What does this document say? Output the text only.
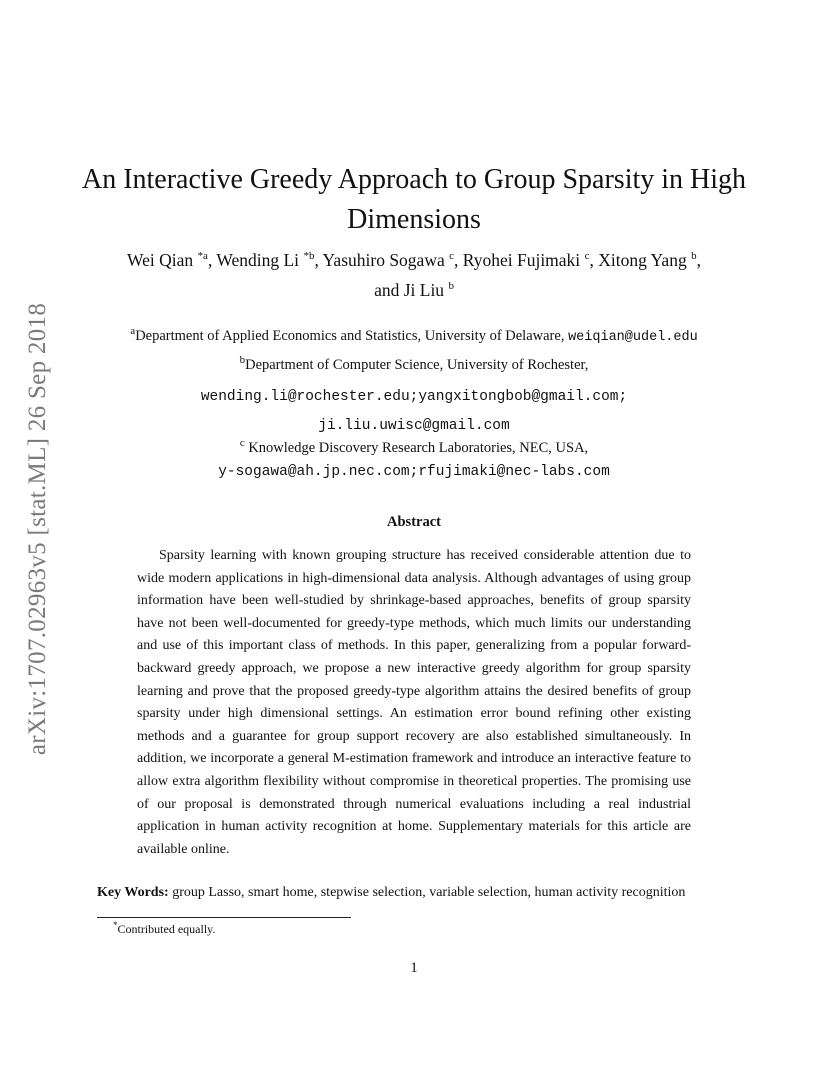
arXiv:1707.02963v5 [stat.ML] 26 Sep 2018
An Interactive Greedy Approach to Group Sparsity in High Dimensions
Wei Qian $^{*a}$, Wending Li $^{*b}$, Yasuhiro Sogawa $^c$, Ryohei Fujimaki $^c$, Xitong Yang $^b$,
and Ji Liu $^b$
$^a$Department of Applied Economics and Statistics, University of Delaware, weiqian@udel.edu
$^b$Department of Computer Science, University of Rochester,
wending.li@rochester.edu;yangxitongbob@gmail.com;
ji.liu.uwisc@gmail.com
$^c$ Knowledge Discovery Research Laboratories, NEC, USA,
y-sogawa@ah.jp.nec.com;rfujimaki@nec-labs.com
Abstract

Sparsity learning with known grouping structure has received considerable attention due to wide modern applications in high-dimensional data analysis. Although advantages of using group information have been well-studied by shrinkage-based approaches, benefits of group sparsity have not been well-documented for greedy-type methods, which much limits our understanding and use of this important class of methods. In this paper, generalizing from a popular forward-backward greedy approach, we propose a new interactive greedy algorithm for group sparsity learning and prove that the proposed greedy-type algorithm attains the desired benefits of group sparsity under high dimensional settings. An estimation error bound refining other existing methods and a guarantee for group support recovery are also established simultaneously. In addition, we incorporate a general M-estimation framework and introduce an interactive feature to allow extra algorithm flexibility without compromise in theoretical properties. The promising use of our proposal is demonstrated through numerical evaluations including a real industrial application in human activity recognition at home. Supplementary materials for this article are available online.

Key Words: group Lasso, smart home, stepwise selection, variable selection, human activity recognition
*Contributed equally.
1
